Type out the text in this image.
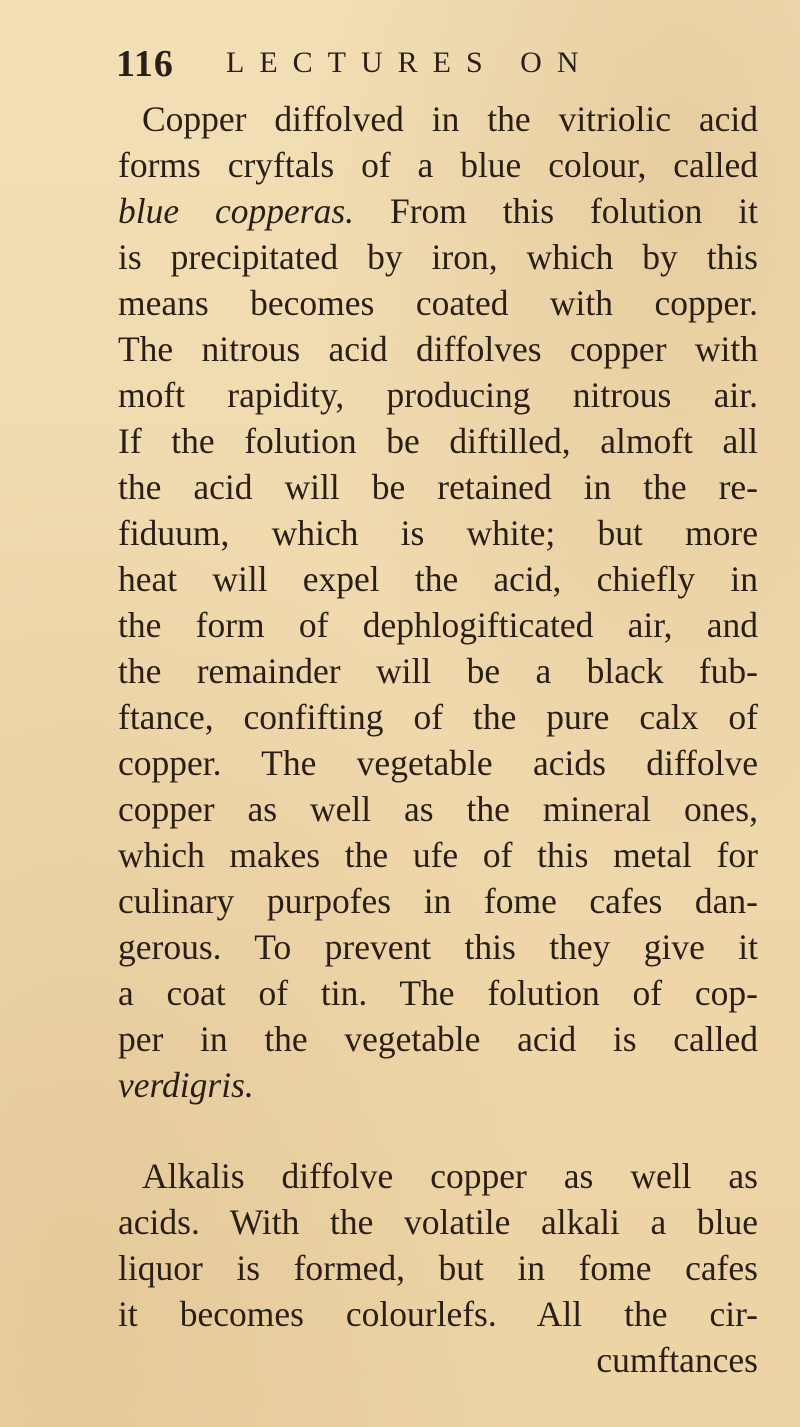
116 LECTURES ON
Copper diffolved in the vitriolic acid
forms cryftals of a blue colour, called
blue copperas. From this folution it
is precipitated by iron, which by this
means becomes coated with copper.
The nitrous acid diffolves copper with
moft rapidity, producing nitrous air.
If the folution be diftilled, almoft all
the acid will be retained in the re-
fiduum, which is white; but more
heat will expel the acid, chiefly in
the form of dephlogifticated air, and
the remainder will be a black fub-
ftance, confifting of the pure calx of
copper. The vegetable acids diffolve
copper as well as the mineral ones,
which makes the ufe of this metal for
culinary purpofes in fome cafes dan-
gerous. To prevent this they give it
a coat of tin. The folution of cop-
per in the vegetable acid is called
verdigris.
Alkalis diffolve copper as well as
acids. With the volatile alkali a blue
liquor is formed, but in fome cafes
it becomes colourlefs. All the cir-
cumftances
